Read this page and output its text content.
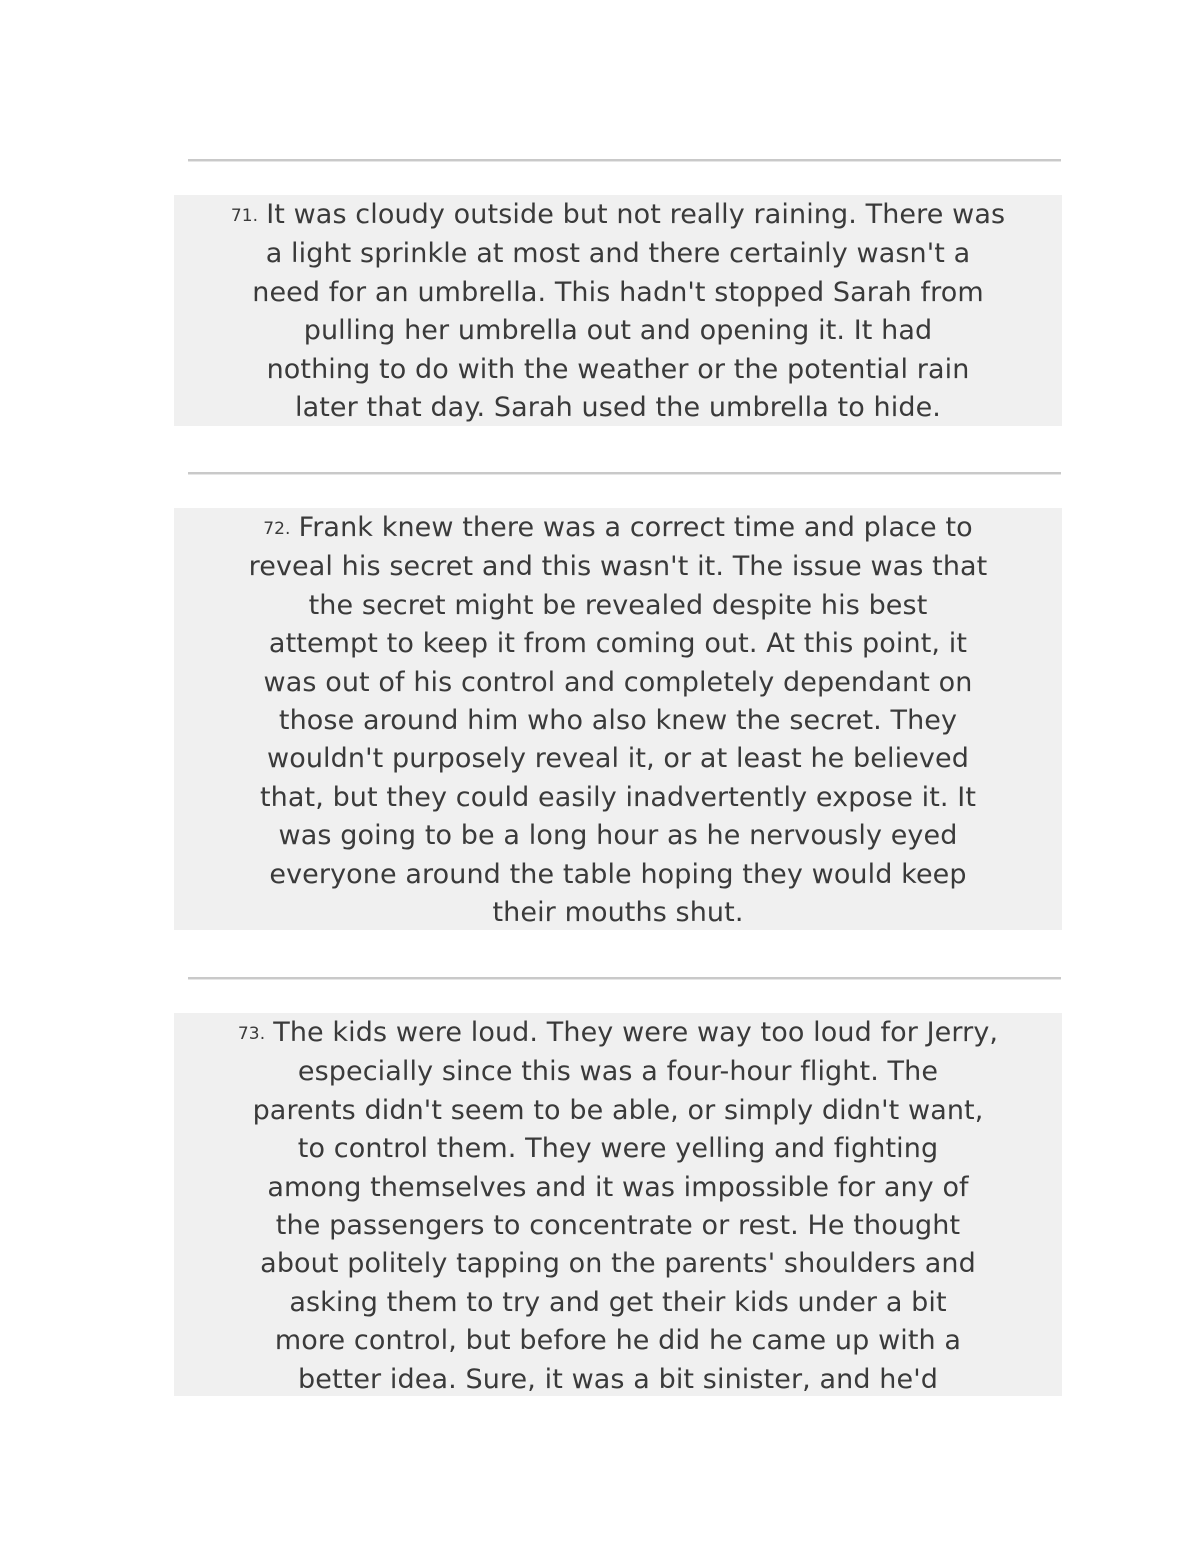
71. It was cloudy outside but not really raining. There was
a light sprinkle at most and there certainly wasn't a
need for an umbrella. This hadn't stopped Sarah from
pulling her umbrella out and opening it. It had
nothing to do with the weather or the potential rain
later that day. Sarah used the umbrella to hide.

72. Frank knew there was a correct time and place to
reveal his secret and this wasn't it. The issue was that
the secret might be revealed despite his best
attempt to keep it from coming out. At this point, it
was out of his control and completely dependant on
those around him who also knew the secret. They
wouldn't purposely reveal it, or at least he believed
that, but they could easily inadvertently expose it. It
was going to be a long hour as he nervously eyed
everyone around the table hoping they would keep
their mouths shut.

73. The kids were loud. They were way too loud for Jerry,
especially since this was a four-hour flight. The
parents didn't seem to be able, or simply didn't want,
to control them. They were yelling and fighting
among themselves and it was impossible for any of
the passengers to concentrate or rest. He thought
about politely tapping on the parents' shoulders and
asking them to try and get their kids under a bit
more control, but before he did he came up with a
better idea. Sure, it was a bit sinister, and he'd
